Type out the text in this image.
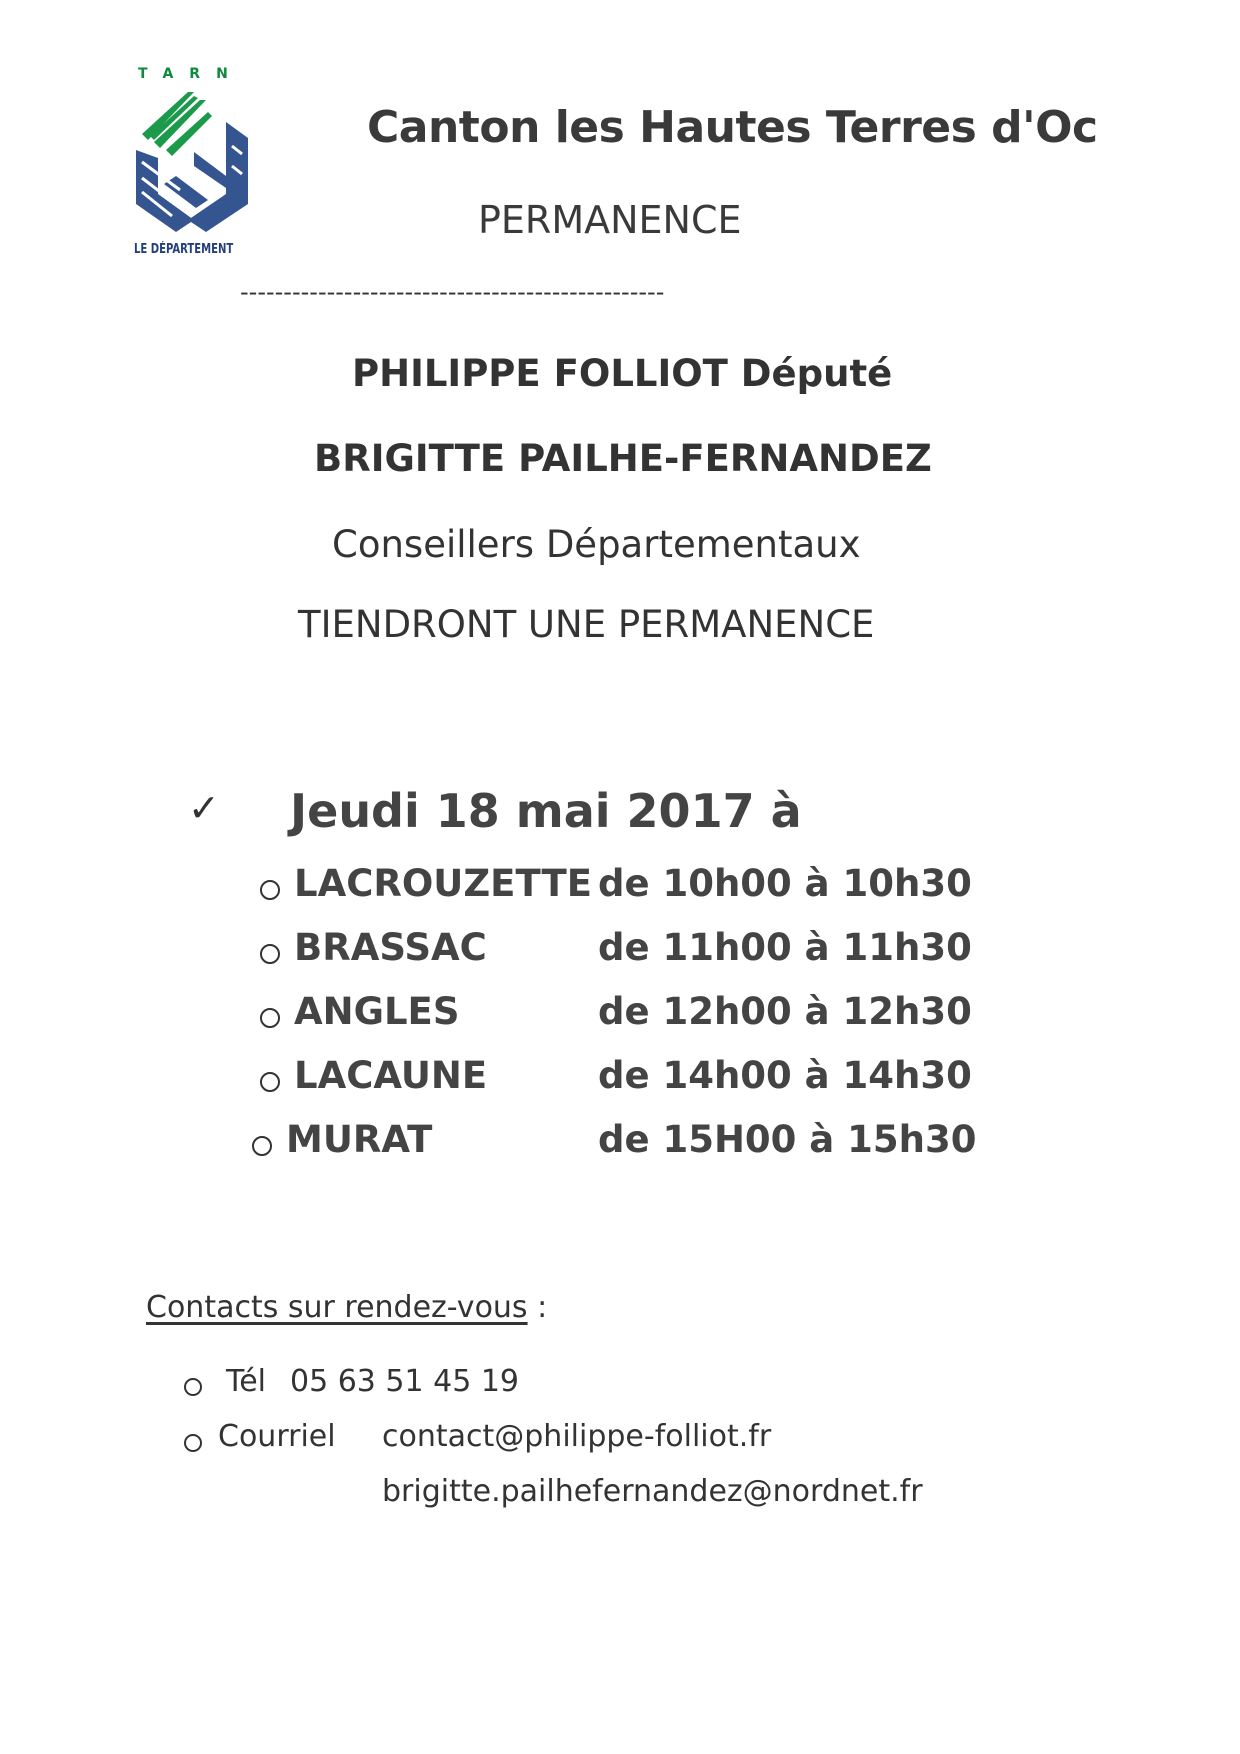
TARN
LE DÉPARTEMENT
Canton les Hautes Terres d'Oc
PERMANENCE
-------------------------------------------------
PHILIPPE FOLLIOT Député
BRIGITTE PAILHE-FERNANDEZ
Conseillers Départementaux
TIENDRONT UNE PERMANENCE
✓ Jeudi 18 mai 2017 à
LACROUZETTE de 10h00 à 10h30
BRASSAC	de 11h00 à 11h30
ANGLES	de 12h00 à 12h30
LACAUNE	de 14h00 à 14h30
MURAT	de 15H00 à 15h30
Contacts sur rendez-vous :
Tél 05 63 51 45 19
Courriel contact@philippe-folliot.fr
brigitte.pailhefernandez@nordnet.fr
